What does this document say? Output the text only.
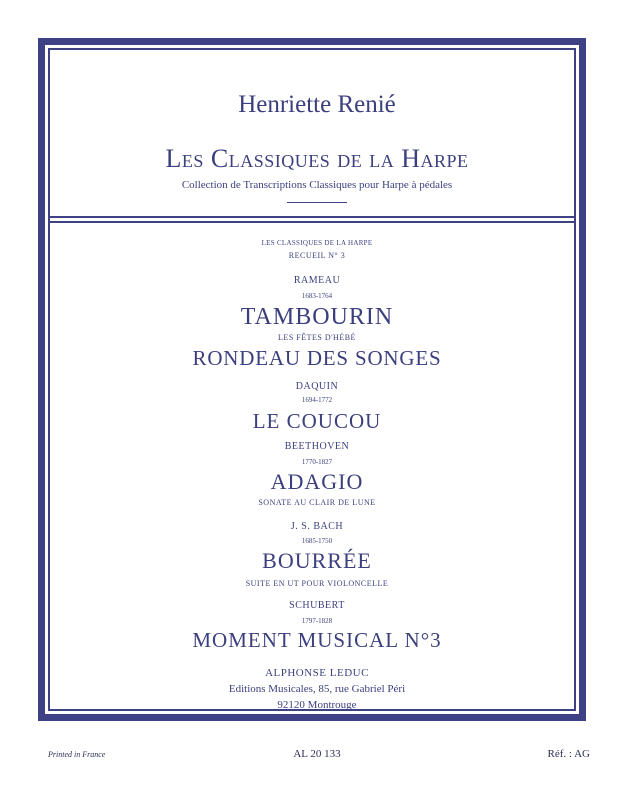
Henriette Renié
Les Classiques de la Harpe
Collection de Transcriptions Classiques pour Harpe à pédales
LES CLASSIQUES DE LA HARPE
RECUEIL N° 3
RAMEAU
1683-1764
TAMBOURIN
LES FÊTES D'HÉBÉ
RONDEAU DES SONGES
DAQUIN
1694-1772
LE COUCOU
BEETHOVEN
1770-1827
ADAGIO
SONATE AU CLAIR DE LUNE
J. S. BACH
1685-1750
BOURRÉE
SUITE EN UT POUR VIOLONCELLE
SCHUBERT
1797-1828
MOMENT MUSICAL N°3
ALPHONSE LEDUC
Editions Musicales, 85, rue Gabriel Péri
92120 Montrouge
Printed in France	AL 20 133	Réf. : AG
